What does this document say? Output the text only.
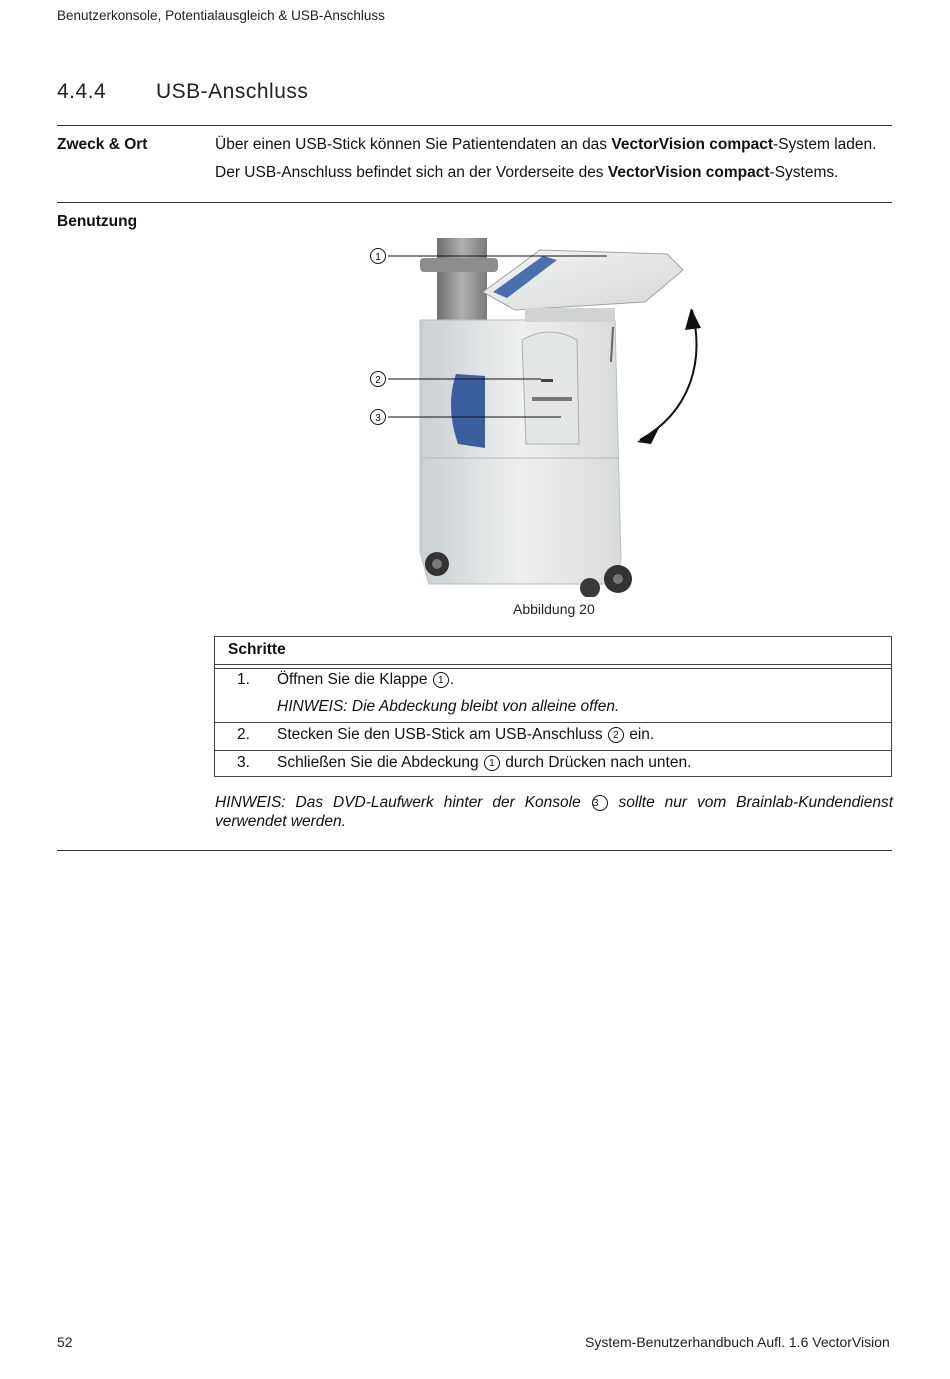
Benutzerkonsole, Potentialausgleich & USB-Anschluss
4.4.4 USB-Anschluss
Zweck & Ort	Über einen USB-Stick können Sie Patientendaten an das VectorVision compact-System laden.
Der USB-Anschluss befindet sich an der Vorderseite des VectorVision compact-Systems.
Benutzung
1
2
3
Abbildung 20
Schritte
1. Öffnen Sie die Klappe 1 .
HINWEIS: Die Abdeckung bleibt von alleine offen.
2. Stecken Sie den USB-Stick am USB-Anschluss 2 ein.
3. Schließen Sie die Abdeckung 1 durch Drücken nach unten.
HINWEIS: Das DVD-Laufwerk hinter der Konsole 3 sollte nur vom Brainlab-Kundendienst verwendet werden.
52	System-Benutzerhandbuch Aufl. 1.6 VectorVision
